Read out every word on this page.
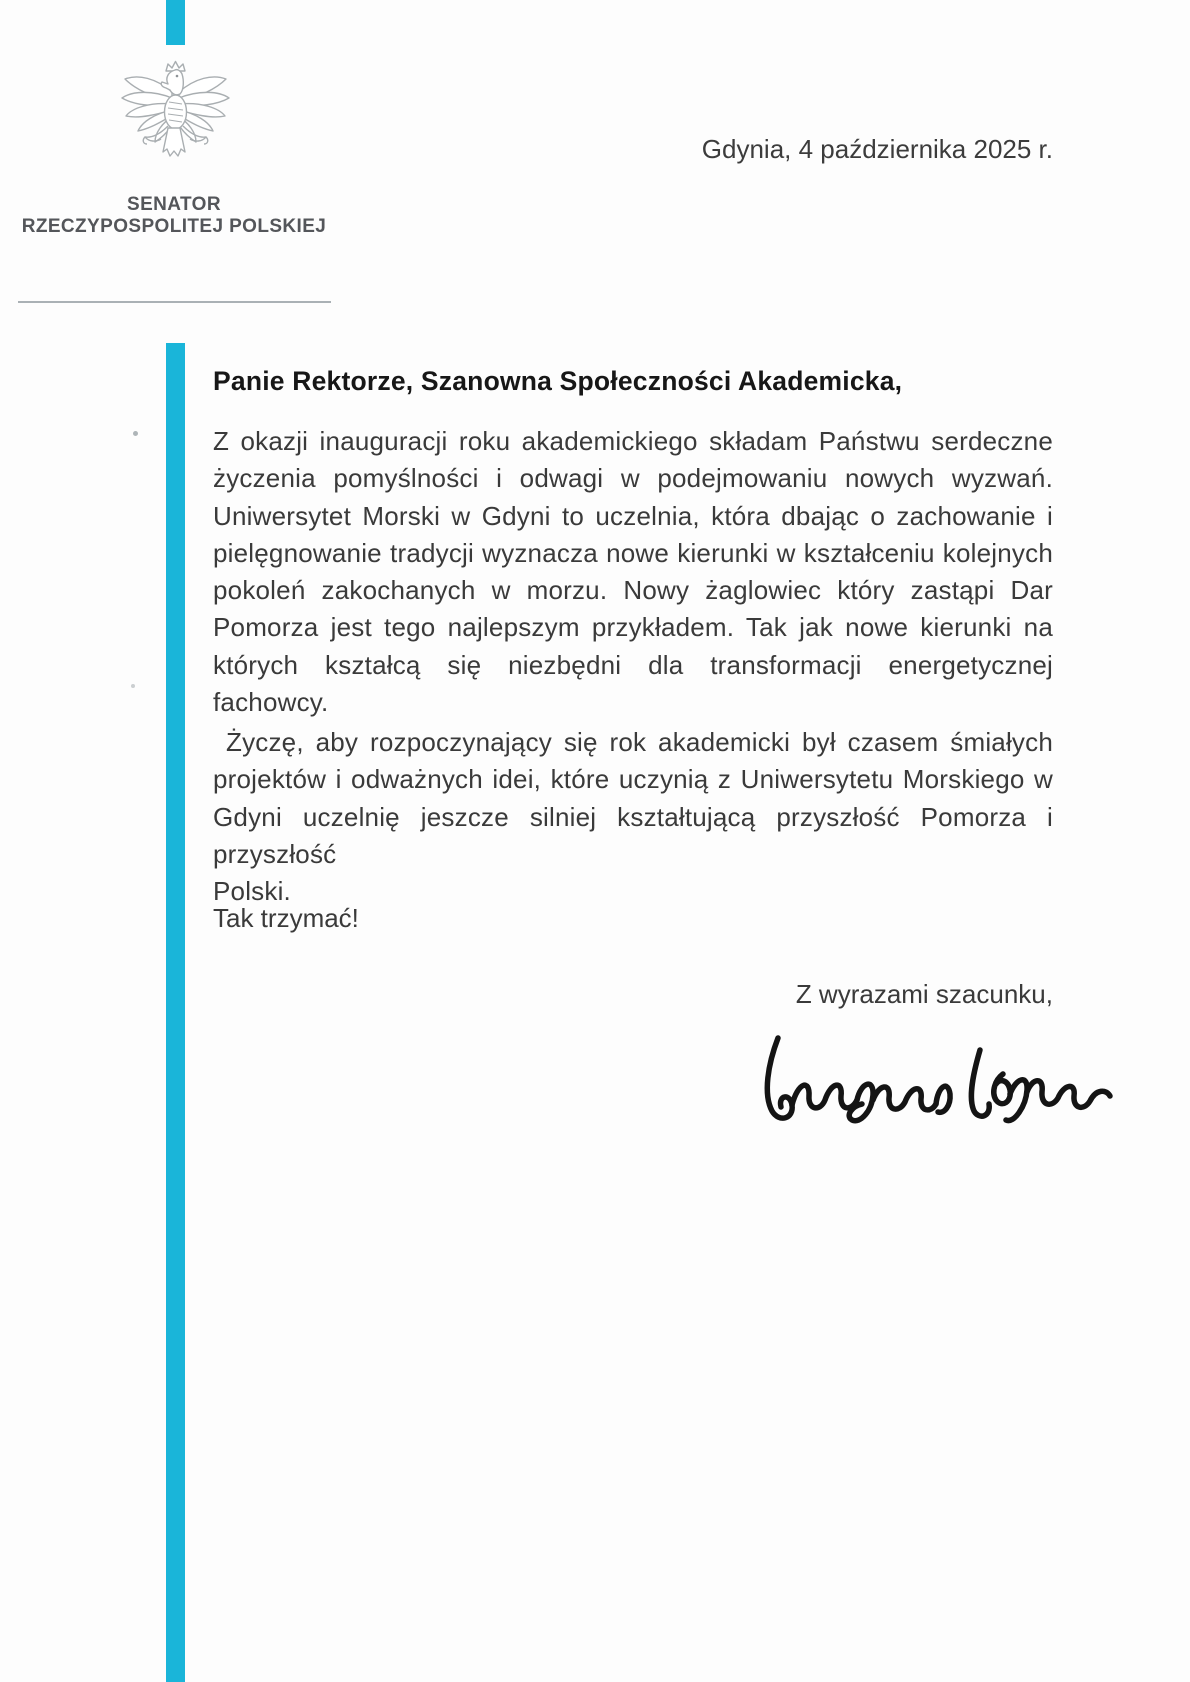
SENATOR
RZECZYPOSPOLITEJ POLSKIEJ
Gdynia, 4 października 2025 r.
Panie Rektorze, Szanowna Społeczności Akademicka,
Z okazji inauguracji roku akademickiego składam Państwu serdeczne
życzenia pomyślności i odwagi w podejmowaniu nowych wyzwań.
Uniwersytet Morski w Gdyni to uczelnia, która dbając o zachowanie i
pielęgnowanie tradycji wyznacza nowe kierunki w kształceniu kolejnych
pokoleń zakochanych w morzu. Nowy żaglowiec który zastąpi Dar
Pomorza jest tego najlepszym przykładem. Tak jak nowe kierunki na
których kształcą się niezbędni dla transformacji energetycznej fachowcy.
Życzę, aby rozpoczynający się rok akademicki był czasem śmiałych
projektów i odważnych idei, które uczynią z Uniwersytetu Morskiego w
Gdyni uczelnię jeszcze silniej kształtującą przyszłość Pomorza i przyszłość
Polski.
Tak trzymać!
Z wyrazami szacunku,
